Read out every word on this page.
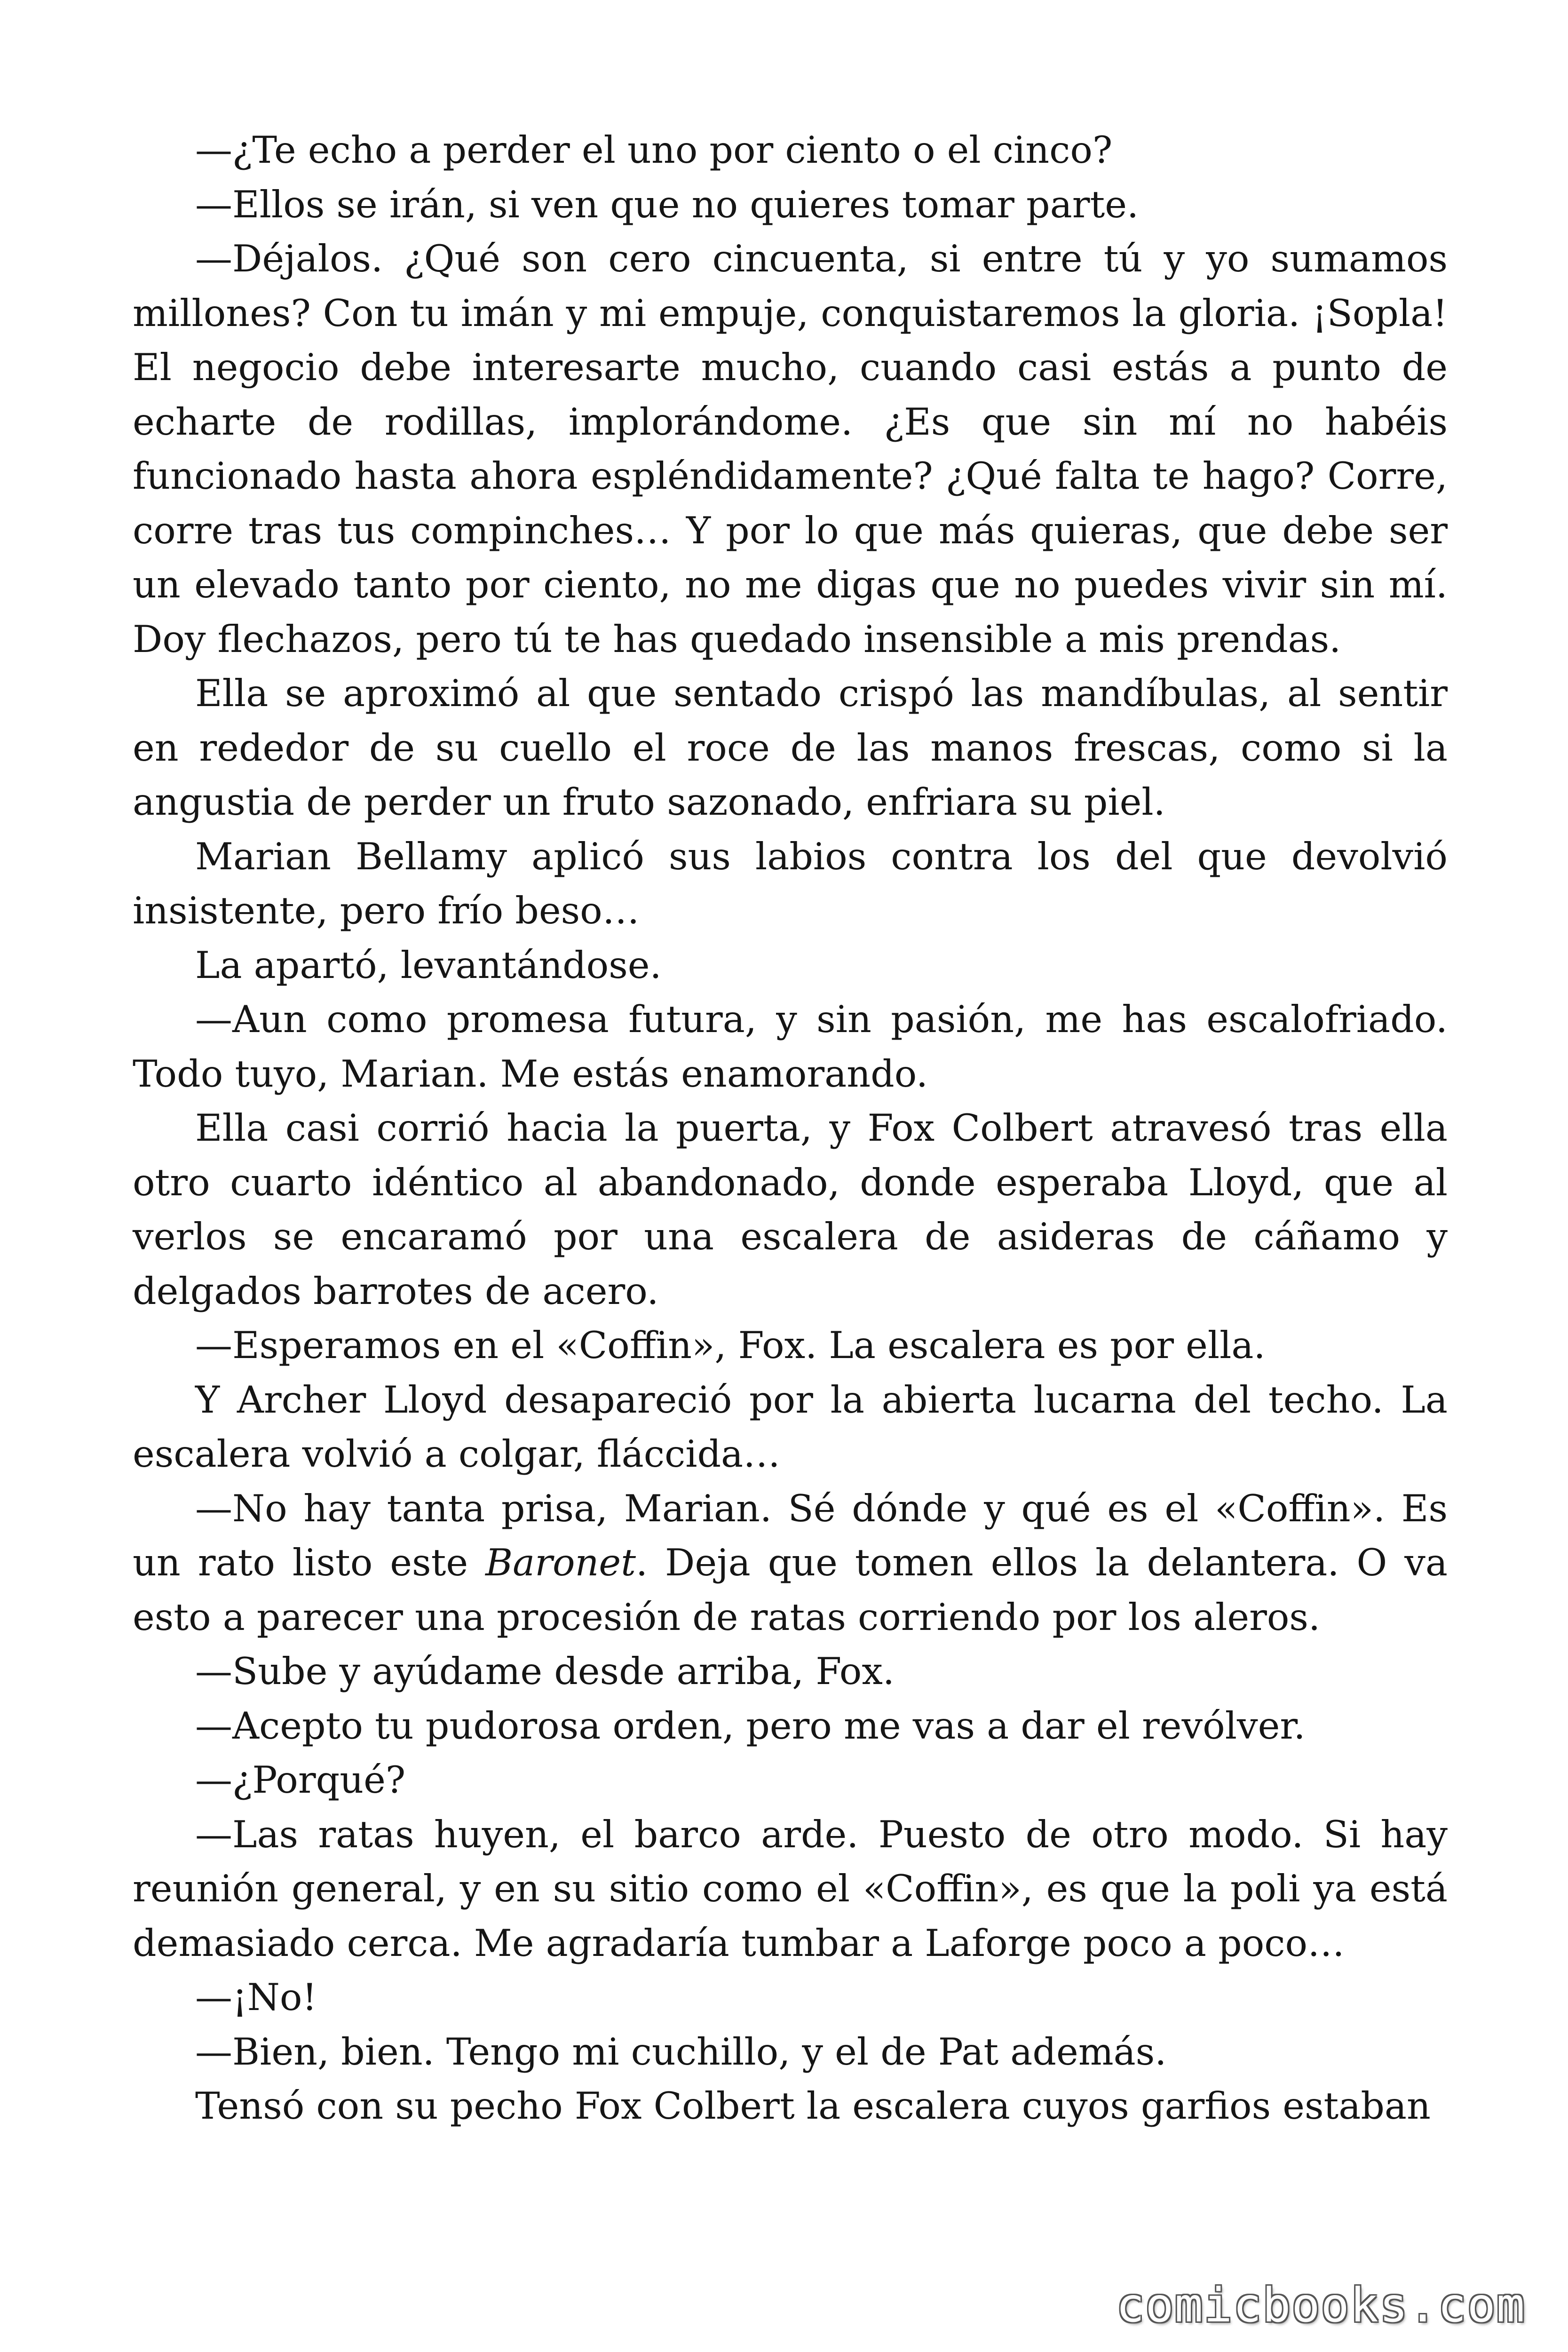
—¿Te echo a perder el uno por ciento o el cinco?

—Ellos se irán, si ven que no quieres tomar parte.

—Déjalos. ¿Qué son cero cincuenta, si entre tú y yo sumamos millones? Con tu imán y mi empuje, conquistaremos la gloria. ¡Sopla! El negocio debe interesarte mucho, cuando casi estás a punto de echarte de rodillas, implorándome. ¿Es que sin mí no habéis funcionado hasta ahora espléndidamente? ¿Qué falta te hago? Corre, corre tras tus compinches… Y por lo que más quieras, que debe ser un elevado tanto por ciento, no me digas que no puedes vivir sin mí. Doy flechazos, pero tú te has quedado insensible a mis prendas.

Ella se aproximó al que sentado crispó las mandíbulas, al sentir en rededor de su cuello el roce de las manos frescas, como si la angustia de perder un fruto sazonado, enfriara su piel.

Marian Bellamy aplicó sus labios contra los del que devolvió insistente, pero frío beso…

La apartó, levantándose.

—Aun como promesa futura, y sin pasión, me has escalofriado. Todo tuyo, Marian. Me estás enamorando.

Ella casi corrió hacia la puerta, y Fox Colbert atravesó tras ella otro cuarto idéntico al abandonado, donde esperaba Lloyd, que al verlos se encaramó por una escalera de asideras de cáñamo y delgados barrotes de acero.

—Esperamos en el «Coffin», Fox. La escalera es por ella.

Y Archer Lloyd desapareció por la abierta lucarna del techo. La escalera volvió a colgar, fláccida…

—No hay tanta prisa, Marian. Sé dónde y qué es el «Coffin». Es un rato listo este Baronet. Deja que tomen ellos la delantera. O va esto a parecer una procesión de ratas corriendo por los aleros.

—Sube y ayúdame desde arriba, Fox.

—Acepto tu pudorosa orden, pero me vas a dar el revólver.

—¿Porqué?

—Las ratas huyen, el barco arde. Puesto de otro modo. Si hay reunión general, y en su sitio como el «Coffin», es que la poli ya está demasiado cerca. Me agradaría tumbar a Laforge poco a poco…

—¡No!

—Bien, bien. Tengo mi cuchillo, y el de Pat además.

Tensó con su pecho Fox Colbert la escalera cuyos garfios estaban

comicbooks.com
